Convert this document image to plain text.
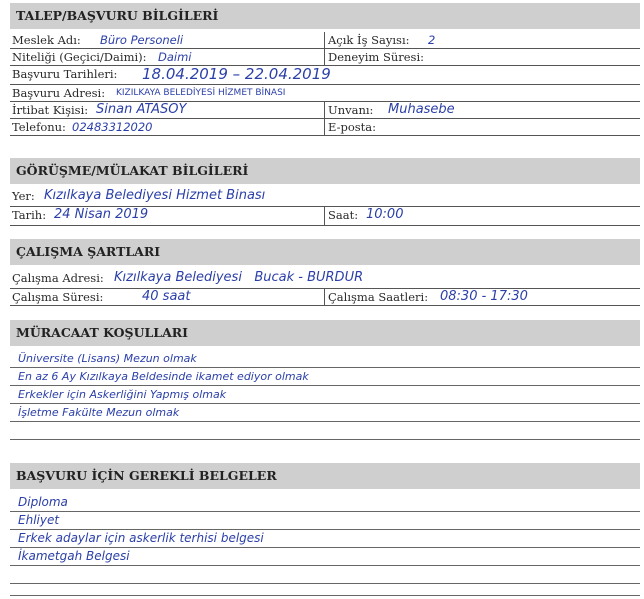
TALEP/BAŞVURU BİLGİLERİ
Meslek Adı: Büro Personeli	Açık İş Sayısı: 2
Niteliği (Geçici/Daimi): Daimi	Deneyim Süresi:
Başvuru Tarihleri: 18.04.2019 – 22.04.2019
Başvuru Adresi: KIZILKAYA BELEDİYESİ HİZMET BİNASI
İrtibat Kişisi: Sinan ATASOY	Unvanı: Muhasebe
Telefonu: 02483312020	E-posta:
GÖRÜŞME/MÜLAKAT BİLGİLERİ
Yer: Kızılkaya Belediyesi Hizmet Binası
Tarih: 24 Nisan 2019	Saat: 10:00
ÇALIŞMA ŞARTLARI
Çalışma Adresi: Kızılkaya Belediyesi   Bucak - BURDUR
Çalışma Süresi:	40 saat	Çalışma Saatleri: 08:30 - 17:30
MÜRACAAT KOŞULLARI
Üniversite (Lisans) Mezun olmak
En az 6 Ay Kızılkaya Beldesinde ikamet ediyor olmak
Erkekler için Askerliğini Yapmış olmak
İşletme Fakülte Mezun olmak
BAŞVURU İÇİN GEREKLİ BELGELER
Diploma
Ehliyet
Erkek adaylar için askerlik terhisi belgesi
İkametgah Belgesi
